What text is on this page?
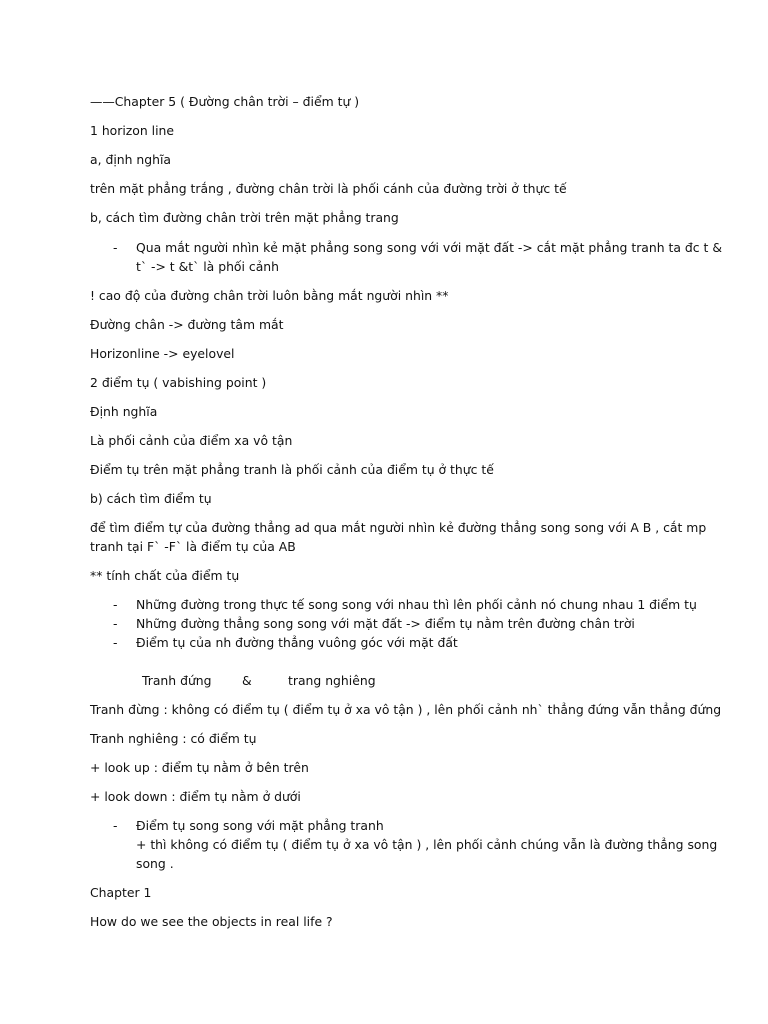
——Chapter 5 ( Đường chân trời – điểm tự )
1 horizon line
a, định nghĩa
trên mặt phẳng trắng , đường chân trời là phối cánh của đường trời ở thực tế
b, cách tìm đường chân trời trên mặt phẳng trang
- Qua mắt người nhìn kẻ mặt phẳng song song với với mặt đất -> cắt mặt phẳng tranh ta đc t &
t` -> t &t` là phối cảnh
! cao độ của đường chân trời luôn bằng mắt người nhìn **
Đường chân -> đường tâm mắt
Horizonline -> eyelovel
2 điểm tụ ( vabishing point )
Định nghĩa
Là phối cảnh của điểm xa vô tận
Điểm tụ trên mặt phẳng tranh là phối cảnh của điểm tụ ở thực tế
b) cách tìm điểm tụ
để tìm điểm tự của đường thẳng ad qua mắt người nhìn kẻ đường thẳng song song với A B , cắt mp
tranh tại F` -F` là điểm tụ của AB
** tính chất của điểm tụ
- Những đường trong thực tế song song với nhau thì lên phối cảnh nó chung nhau 1 điểm tụ
- Những đường thẳng song song với mặt đất -> điểm tụ nằm trên đường chân trời
- Điểm tụ của nh đường thẳng vuông góc với mặt đất
Tranh đứng &	trang nghiêng
Tranh đừng : không có điểm tụ ( điểm tụ ở xa vô tận ) , lên phối cảnh nh` thẳng đứng vẫn thẳng đứng
Tranh nghiêng : có điểm tụ
+ look up : điểm tụ nằm ở bên trên
+ look down : điểm tụ nằm ở dưới
- Điểm tụ song song với mặt phẳng tranh
+ thì không có điểm tụ ( điểm tụ ở xa vô tận ) , lên phối cảnh chúng vẫn là đường thẳng song
song .
Chapter 1
How do we see the objects in real life ?
